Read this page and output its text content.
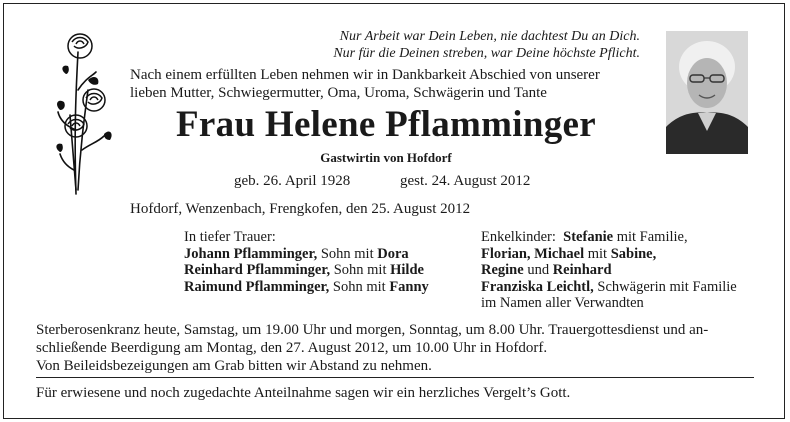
Nur Arbeit war Dein Leben, nie dachtest Du an Dich.
Nur für die Deinen streben, war Deine höchste Pflicht.
Nach einem erfüllten Leben nehmen wir in Dankbarkeit Abschied von unserer
lieben Mutter, Schwiegermutter, Oma, Uroma, Schwägerin und Tante
Frau Helene Pflamminger
Gastwirtin von Hofdorf
geb. 26. April 1928	gest. 24. August 2012
Hofdorf, Wenzenbach, Frengkofen, den 25. August 2012
In tiefer Trauer:
Johann Pflamminger, Sohn mit Dora
Reinhard Pflamminger, Sohn mit Hilde
Raimund Pflamminger, Sohn mit Fanny
Enkelkinder: Stefanie mit Familie,
Florian, Michael mit Sabine,
Regine und Reinhard
Franziska Leichtl, Schwägerin mit Familie
im Namen aller Verwandten
Sterberosenkranz heute, Samstag, um 19.00 Uhr und morgen, Sonntag, um 8.00 Uhr. Trauergottesdienst und an-
schließende Beerdigung am Montag, den 27. August 2012, um 10.00 Uhr in Hofdorf.
Von Beileidsbezeigungen am Grab bitten wir Abstand zu nehmen.
Für erwiesene und noch zugedachte Anteilnahme sagen wir ein herzliches Vergelt’s Gott.
